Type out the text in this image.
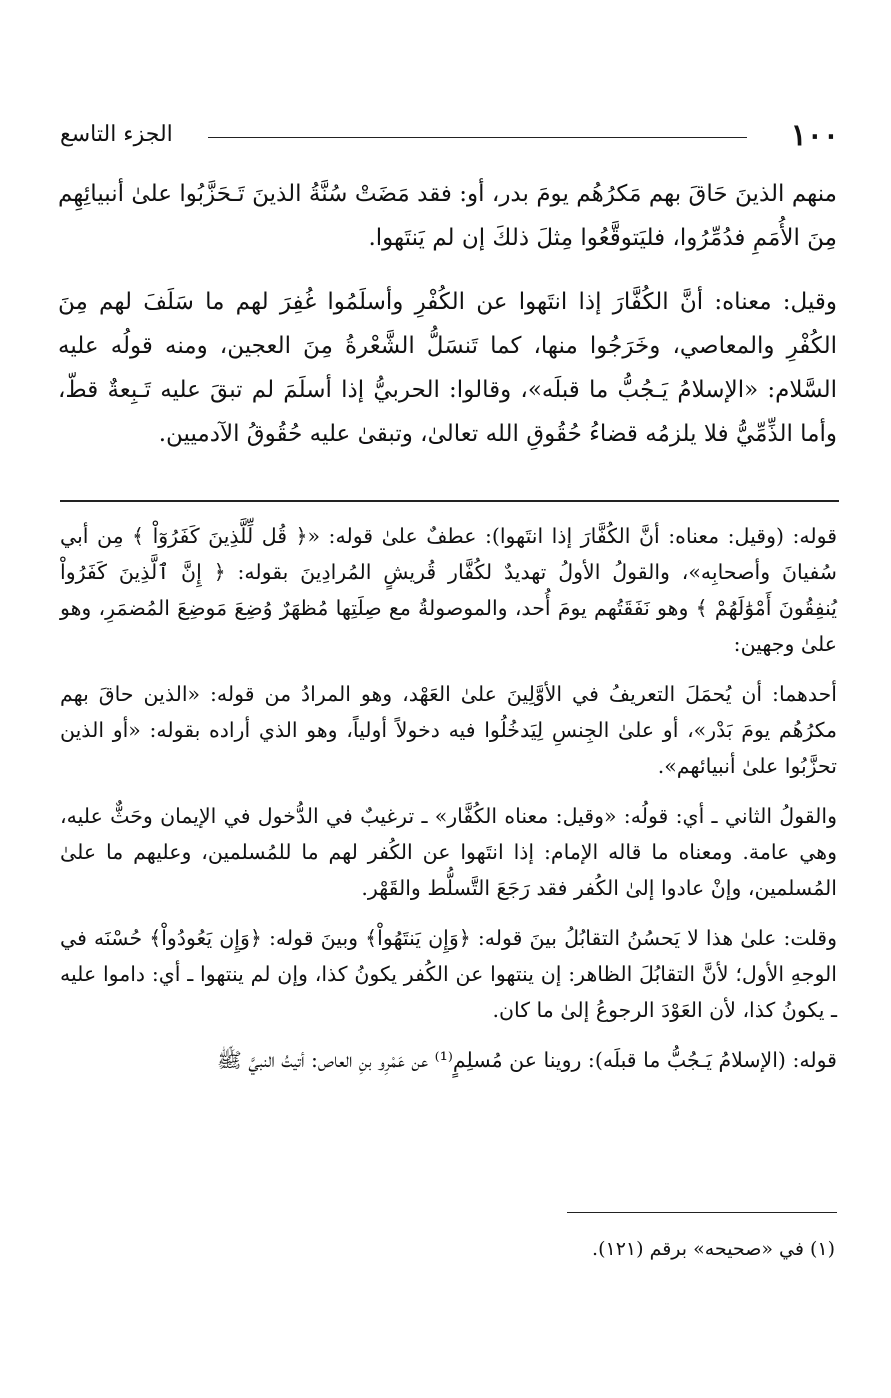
١٠٠
الجزء التاسع

منهم الذينَ حَاقَ بهم مَكرُهُم يومَ بدر، أو: فقد مَضَتْ سُنَّةُ الذينَ تَـحَزَّبُوا علىٰ أنبيائِهِم مِنَ الأُمَمِ فدُمِّرُوا، فليَتوقَّعُوا مِثلَ ذلكَ إن لم يَنتَهوا.

وقيل: معناه: أنَّ الكُفَّارَ إذا انتَهوا عن الكُفْرِ وأسلَمُوا غُفِرَ لهم ما سَلَفَ لهم مِنَ الكُفْرِ والمعاصي، وخَرَجُوا منها، كما تَنسَلُّ الشَّعْرةُ مِنَ العجين، ومنه قولُه عليه السَّلام: «الإسلامُ يَـجُبُّ ما قبلَه»، وقالوا: الحربيُّ إذا أسلَمَ لم تبقَ عليه تَـبِعةٌ قطّ، وأما الذِّمِّيُّ فلا يلزمُه قضاءُ حُقُوقِ الله تعالىٰ، وتبقىٰ عليه حُقُوقُ الآدميين.

قوله: (وقيل: معناه: أنَّ الكُفَّارَ إذا انتَهوا): عطفٌ علىٰ قوله: «﴿ قُل لِّلَّذِينَ كَفَرُوٓاْ ﴾ مِن أبي سُفيانَ وأصحابِه»، والقولُ الأولُ تهديدٌ لكُفَّار قُريشٍ المُرادِينَ بقوله: ﴿ إِنَّ ٱلَّذِينَ كَفَرُواْ يُنفِقُونَ أَمْوَٰلَهُمْ ﴾ وهو نَفَقَتُهم يومَ أُحد، والموصولةُ مع صِلَتِها مُظهَرٌ وُضِعَ مَوضِعَ المُضمَرِ، وهو علىٰ وجهين:

أحدهما: أن يُحمَلَ التعريفُ في الأوَّلِينَ علىٰ العَهْد، وهو المرادُ من قوله: «الذين حاقَ بهم مكرُهُم يومَ بَدْر»، أو علىٰ الجِنسِ لِيَدخُلُوا فيه دخولاً أولياً، وهو الذي أراده بقوله: «أو الذين تحزَّبُوا علىٰ أنبيائهم».

والقولُ الثاني ـ أي: قولُه: «وقيل: معناه الكُفَّار» ـ ترغيبٌ في الدُّخول في الإيمان وحَثٌّ عليه، وهي عامة. ومعناه ما قاله الإمام: إذا انتَهوا عن الكُفر لهم ما للمُسلمين، وعليهم ما علىٰ المُسلمين، وإنْ عادوا إلىٰ الكُفر فقد رَجَعَ التَّسلُّط والقَهْر.

وقلت: علىٰ هذا لا يَحسُنُ التقابُلُ بينَ قوله: ﴿وَإِن يَنتَهُواْ﴾ وبينَ قوله: ﴿وَإِن يَعُودُواْ﴾ حُسْنَه في الوجهِ الأول؛ لأنَّ التقابُلَ الظاهر: إن ينتهوا عن الكُفر يكونُ كذا، وإن لم ينتهوا ـ أي: داموا عليه ـ يكونُ كذا، لأن العَوْدَ الرجوعُ إلىٰ ما كان.

قوله: (الإسلامُ يَـجُبُّ ما قبلَه): روينا عن مُسلِمٍ⁽¹⁾ عن عَمْرِو بنِ العاص: أتيتُ النبيَّ ﷺ

(١) في «صحيحه» برقم (١٢١).
